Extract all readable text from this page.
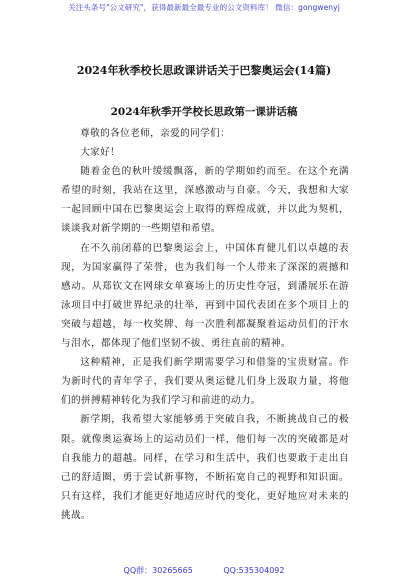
关注头条号"公文研究"，获得最新最全最专业的公文资料库！ 微信：gongwenyj
2024年秋季校长思政课讲话关于巴黎奥运会(14篇)
2024年秋季开学校长思政第一课讲话稿

尊敬的各位老师，亲爱的同学们：

大家好！

随着金色的秋叶缓缓飘落，新的学期如约而至。在这个充满希望的时刻，我站在这里，深感激动与自豪。今天，我想和大家一起回顾中国在巴黎奥运会上取得的辉煌成就，并以此为契机，谈谈我对新学期的一些期望和希望。

在不久前闭幕的巴黎奥运会上，中国体育健儿们以卓越的表现，为国家赢得了荣誉，也为我们每一个人带来了深深的震撼和感动。从郑钦文在网球女单赛场上的历史性夺冠，到潘展乐在游泳项目中打破世界纪录的壮举，再到中国代表团在多个项目上的突破与超越，每一枚奖牌、每一次胜利都凝聚着运动员们的汗水与泪水，都体现了他们坚韧不拔、勇往直前的精神。

这种精神，正是我们新学期需要学习和借鉴的宝贵财富。作为新时代的青年学子，我们要从奥运健儿们身上汲取力量，将他们的拼搏精神转化为我们学习和前进的动力。

新学期，我希望大家能够勇于突破自我，不断挑战自己的极限。就像奥运赛场上的运动员们一样，他们每一次的突破都是对自我能力的超越。同样，在学习和生活中，我们也要敢于走出自己的舒适圈，勇于尝试新事物，不断拓宽自己的视野和知识面。只有这样，我们才能更好地适应时代的变化，更好地应对未来的挑战。

QQ群：30265665	QQ:535304092
